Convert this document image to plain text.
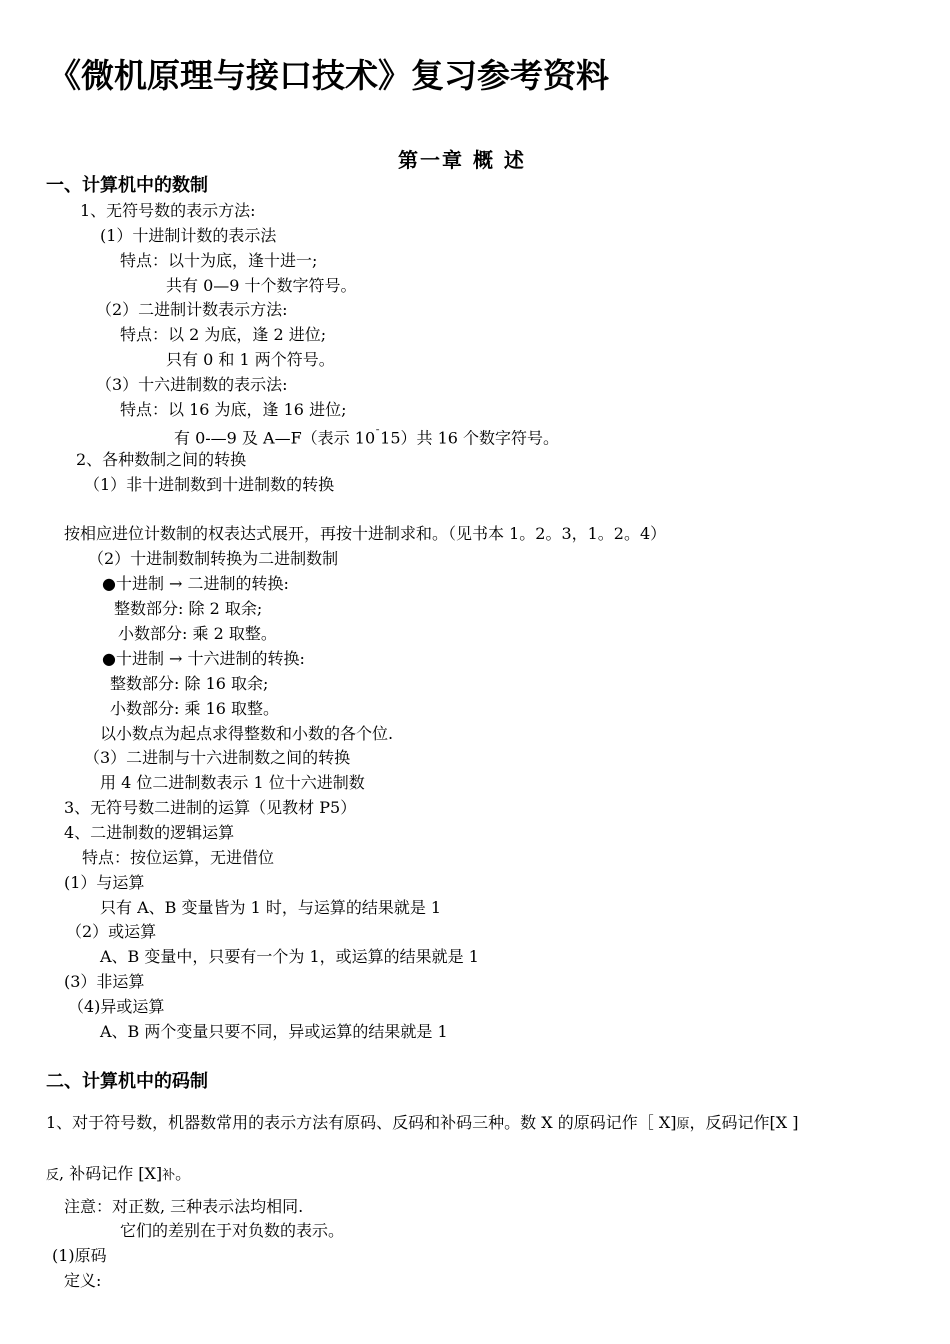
《微机原理与接口技术》复习参考资料
第一章 概 述
一、计算机中的数制
1、无符号数的表示方法:
(1）十进制计数的表示法
特点：以十为底，逢十进一;
共有 0—9 十个数字符号。
（2）二进制计数表示方法:
特点：以 2 为底，逢 2 进位;
只有 0 和 1 两个符号。
（3）十六进制数的表示法:
特点：以 16 为底，逢 16 进位;
有 0-—9 及 A—F（表示 10¯15）共 16 个数字符号。
2、各种数制之间的转换
（1）非十进制数到十进制数的转换
按相应进位计数制的权表达式展开，再按十进制求和。（见书本 1。2。3，1。2。4）
（2）十进制数制转换为二进制数制
●十进制 → 二进制的转换:
整数部分: 除 2 取余;
小数部分: 乘 2 取整。
●十进制 → 十六进制的转换:
整数部分: 除 16 取余;
小数部分: 乘 16 取整。
以小数点为起点求得整数和小数的各个位.
（3）二进制与十六进制数之间的转换
用 4 位二进制数表示 1 位十六进制数
3、无符号数二进制的运算（见教材 P5）
4、二进制数的逻辑运算
特点：按位运算，无进借位
(1）与运算
只有 A、B 变量皆为 1 时，与运算的结果就是 1
（2）或运算
A、B 变量中，只要有一个为 1，或运算的结果就是 1
(3）非运算
（4)异或运算
A、B 两个变量只要不同，异或运算的结果就是 1
二、计算机中的码制
1、对于符号数，机器数常用的表示方法有原码、反码和补码三种。数 X 的原码记作［ X]原，反码记作[X ]
反, 补码记作 [X]补。
注意：对正数, 三种表示法均相同.
它们的差别在于对负数的表示。
(1)原码
定义:
